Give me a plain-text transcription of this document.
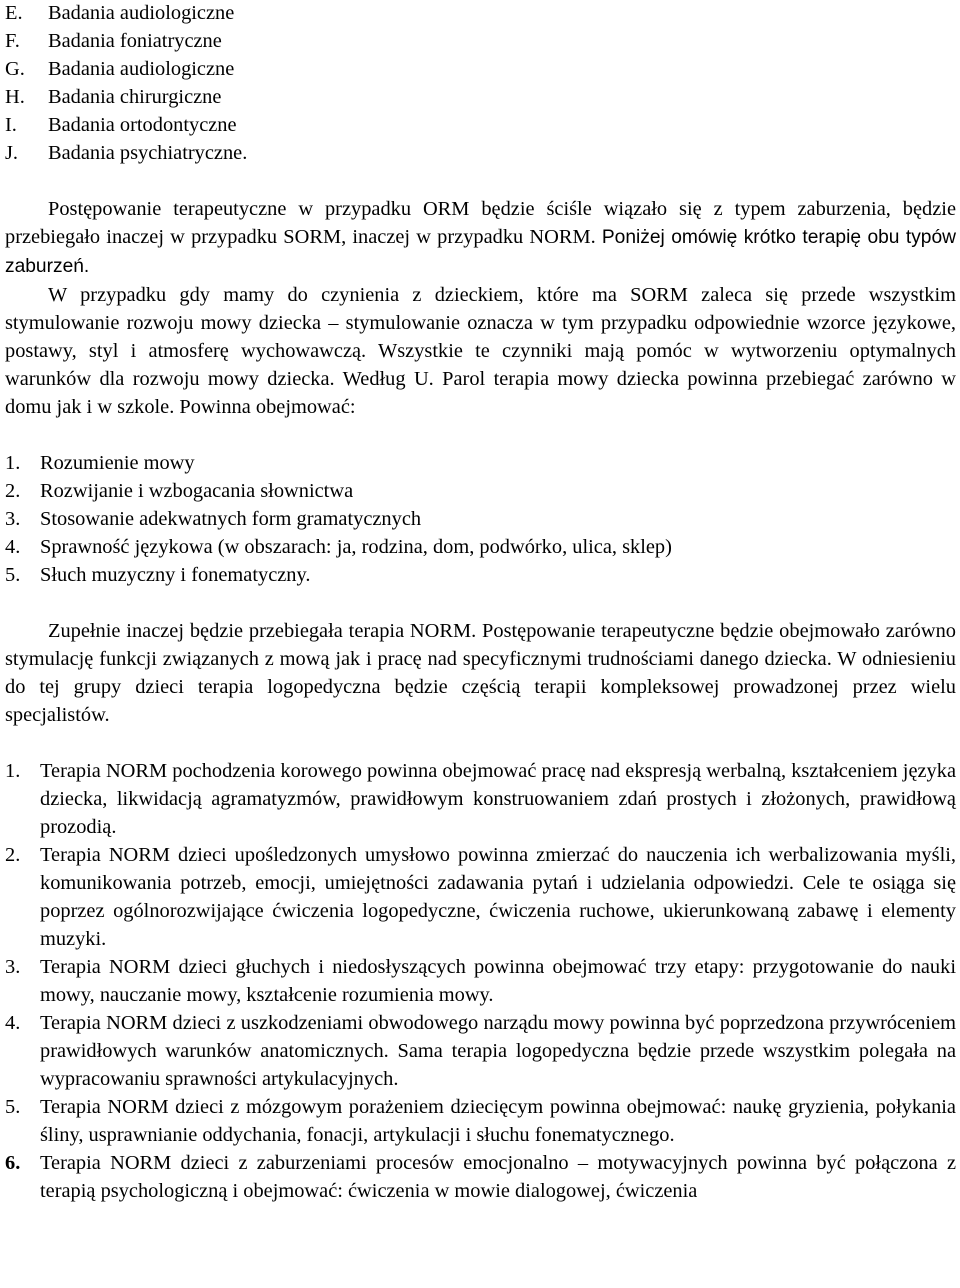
E. Badania audiologiczne
F. Badania foniatryczne
G. Badania audiologiczne
H. Badania chirurgiczne
I. Badania ortodontyczne
J. Badania psychiatryczne.

Postępowanie terapeutyczne w przypadku ORM będzie ściśle wiązało się z typem zaburzenia, będzie przebiegało inaczej w przypadku SORM, inaczej w przypadku NORM. Poniżej omówię krótko terapię obu typów zaburzeń.

W przypadku gdy mamy do czynienia z dzieckiem, które ma SORM zaleca się przede wszystkim stymulowanie rozwoju mowy dziecka – stymulowanie oznacza w tym przypadku odpowiednie wzorce językowe, postawy, styl i atmosferę wychowawczą. Wszystkie te czynniki mają pomóc w wytworzeniu optymalnych warunków dla rozwoju mowy dziecka. Według U. Parol terapia mowy dziecka powinna przebiegać zarówno w domu jak i w szkole. Powinna obejmować:

1. Rozumienie mowy
2. Rozwijanie i wzbogacania słownictwa
3. Stosowanie adekwatnych form gramatycznych
4. Sprawność językowa (w obszarach: ja, rodzina, dom, podwórko, ulica, sklep)
5. Słuch muzyczny i fonematyczny.

Zupełnie inaczej będzie przebiegała terapia NORM. Postępowanie terapeutyczne będzie obejmowało zarówno stymulację funkcji związanych z mową jak i pracę nad specyficznymi trudnościami danego dziecka. W odniesieniu do tej grupy dzieci terapia logopedyczna będzie częścią terapii kompleksowej prowadzonej przez wielu specjalistów.

1. Terapia NORM pochodzenia korowego powinna obejmować pracę nad ekspresją werbalną, kształceniem języka dziecka, likwidacją agramatyzmów, prawidłowym konstruowaniem zdań prostych i złożonych, prawidłową prozodią.
2. Terapia NORM dzieci upośledzonych umysłowo powinna zmierzać do nauczenia ich werbalizowania myśli, komunikowania potrzeb, emocji, umiejętności zadawania pytań i udzielania odpowiedzi. Cele te osiąga się poprzez ogólnorozwijające ćwiczenia logopedyczne, ćwiczenia ruchowe, ukierunkowaną zabawę i elementy muzyki.
3. Terapia NORM dzieci głuchych i niedosłyszących powinna obejmować trzy etapy: przygotowanie do nauki mowy, nauczanie mowy, kształcenie rozumienia mowy.
4. Terapia NORM dzieci z uszkodzeniami obwodowego narządu mowy powinna być poprzedzona przywróceniem prawidłowych warunków anatomicznych. Sama terapia logopedyczna będzie przede wszystkim polegała na wypracowaniu sprawności artykulacyjnych.
5. Terapia NORM dzieci z mózgowym porażeniem dziecięcym powinna obejmować: naukę gryzienia, połykania śliny, usprawnianie oddychania, fonacji, artykulacji i słuchu fonematycznego.
6. Terapia NORM dzieci z zaburzeniami procesów emocjonalno – motywacyjnych powinna być połączona z terapią psychologiczną i obejmować: ćwiczenia w mowie dialogowej, ćwiczenia
